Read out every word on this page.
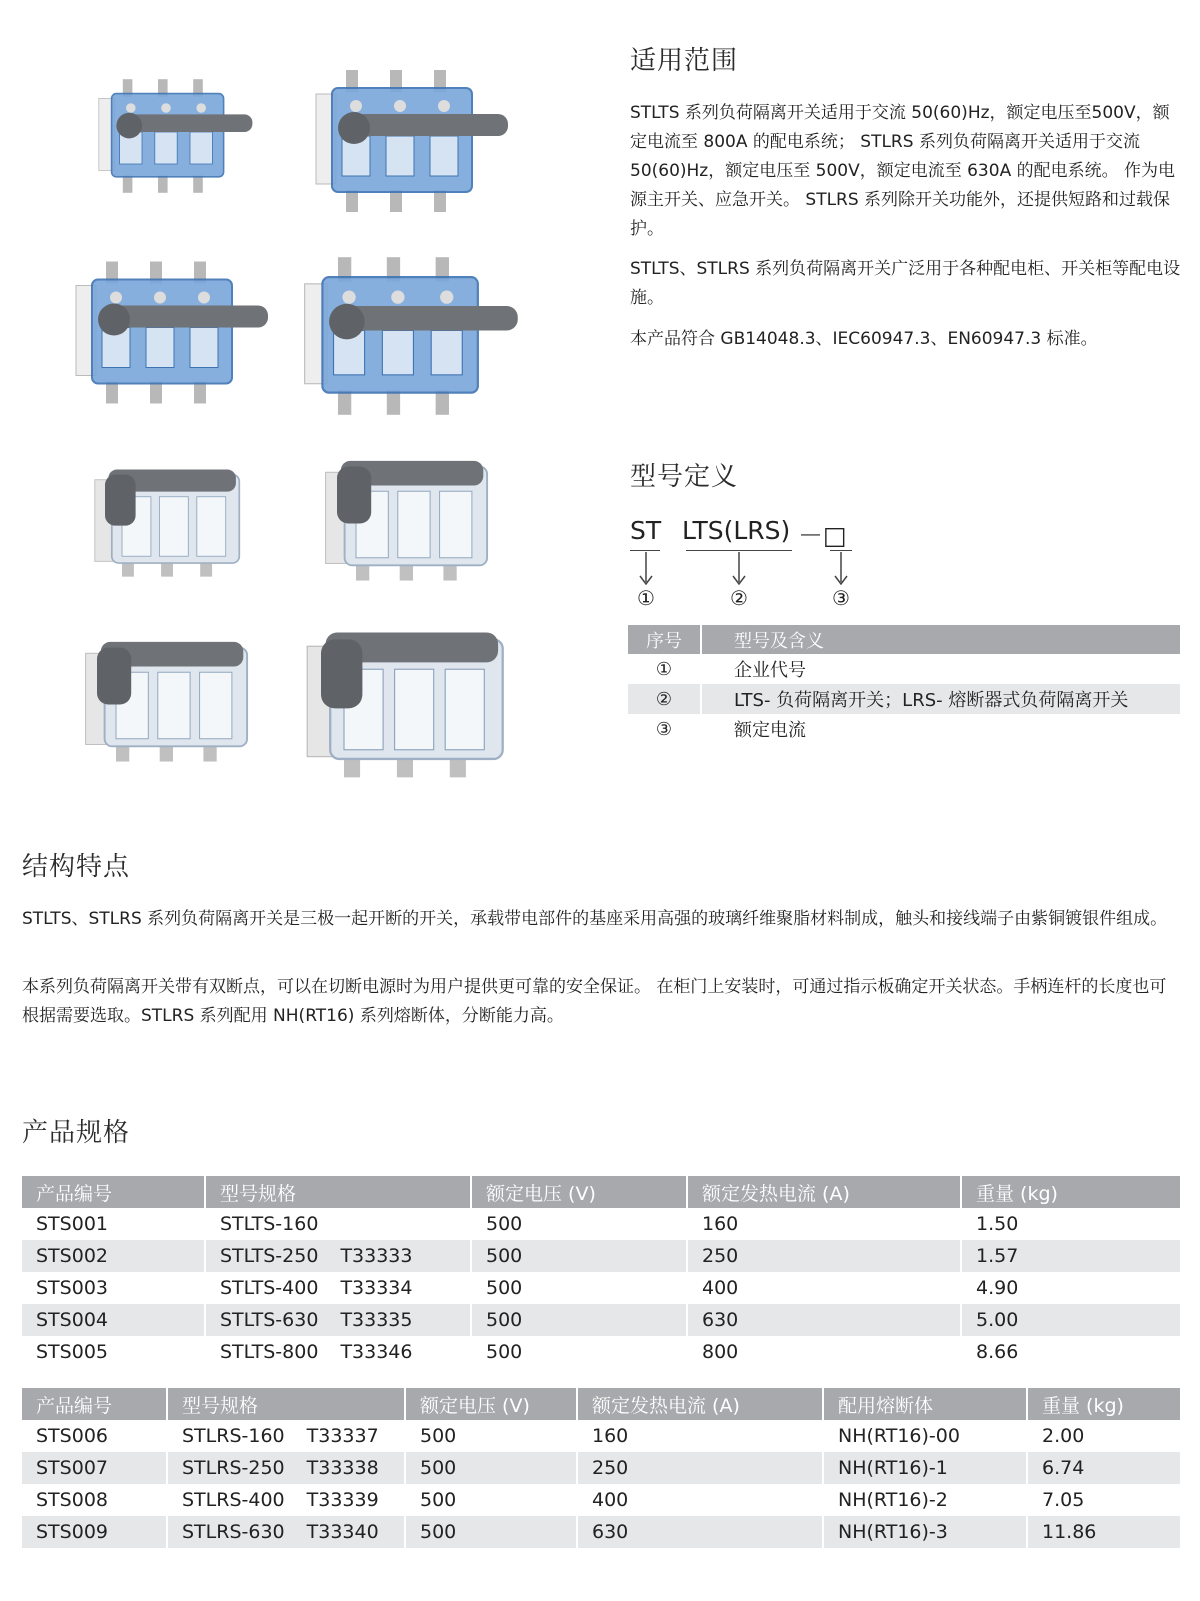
适用范围

STLTS 系列负荷隔离开关适用于交流 50(60)Hz，额定电压至500V，额定电流至 800A 的配电系统； STLRS 系列负荷隔离开关适用于交流 50(60)Hz，额定电压至 500V，额定电流至 630A 的配电系统。 作为电源主开关、应急开关。 STLRS 系列除开关功能外，还提供短路和过载保护。

STLTS、STLRS 系列负荷隔离开关广泛用于各种配电柜、开关柜等配电设施。

本产品符合 GB14048.3、IEC60947.3、EN60947.3 标准。

型号定义
ST LTS(LRS) －□
①	②	③
序号	型号及含义
①	企业代号
②	LTS- 负荷隔离开关；LRS- 熔断器式负荷隔离开关
③	额定电流
结构特点

STLTS、STLRS 系列负荷隔离开关是三极一起开断的开关，承载带电部件的基座采用高强的玻璃纤维聚脂材料制成，触头和接线端子由紫铜镀银件组成。

本系列负荷隔离开关带有双断点，可以在切断电源时为用户提供更可靠的安全保证。 在柜门上安装时，可通过指示板确定开关状态。手柄连杆的长度也可根据需要选取。STLRS 系列配用 NH(RT16) 系列熔断体，分断能力高。

产品规格
产品编号	型号规格	额定电压 (V)	额定发热电流 (A)	重量 (kg)
STS001	STLTS-160	500	160	1.50
STS002	STLTS-250 T33333	500	250	1.57
STS003	STLTS-400 T33334	500	400	4.90
STS004	STLTS-630 T33335	500	630	5.00
STS005	STLTS-800 T33346	500	800	8.66
产品编号	型号规格	额定电压 (V)	额定发热电流 (A)	配用熔断体	重量 (kg)
STS006	STLRS-160 T33337	500	160	NH(RT16)-00	2.00
STS007	STLRS-250 T33338	500	250	NH(RT16)-1	6.74
STS008	STLRS-400 T33339	500	400	NH(RT16)-2	7.05
STS009	STLRS-630 T33340	500	630	NH(RT16)-3	11.86
